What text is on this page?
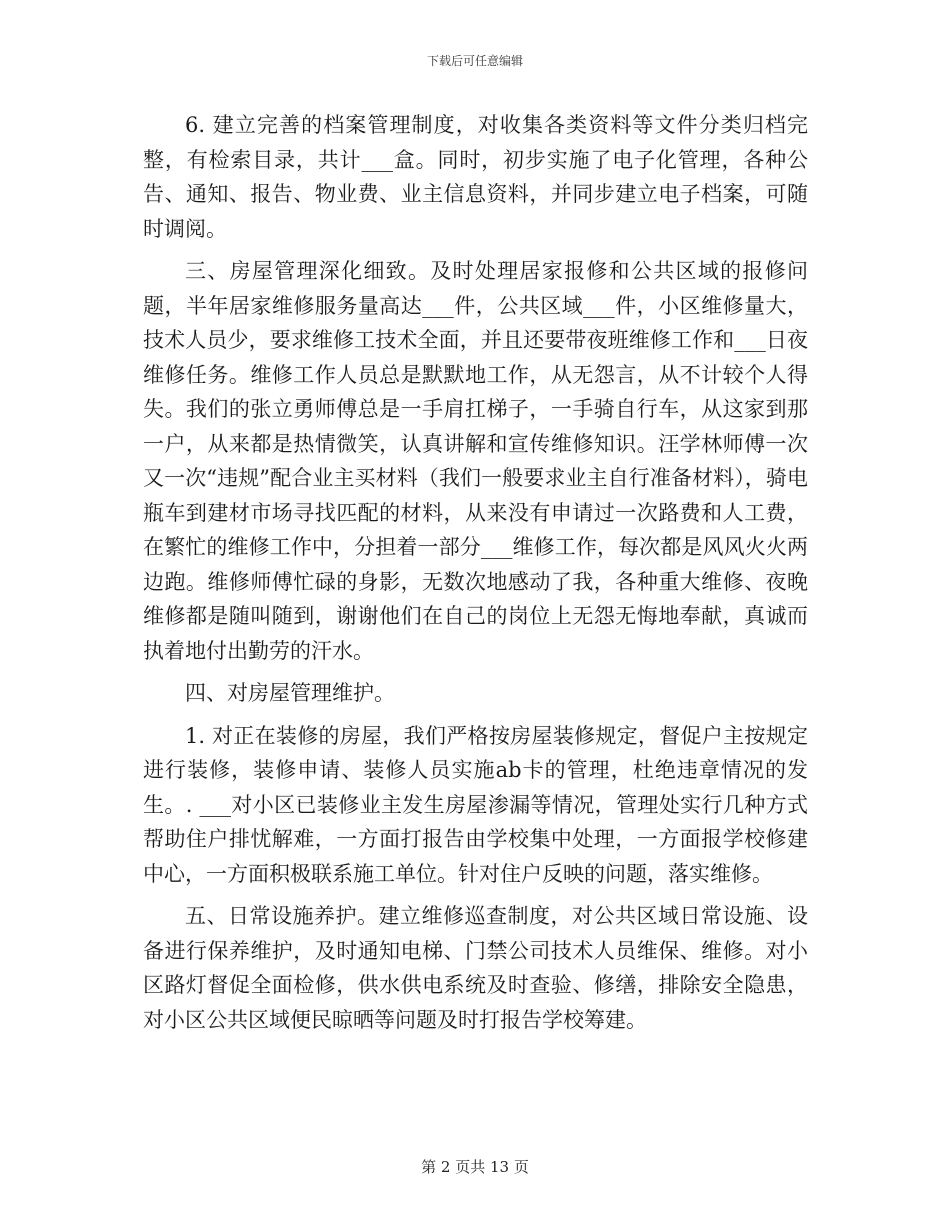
下载后可任意编辑

6. 建立完善的档案管理制度，对收集各类资料等文件分类归档完整，有检索目录，共计___盒。同时，初步实施了电子化管理，各种公告、通知、报告、物业费、业主信息资料，并同步建立电子档案，可随时调阅。

三、房屋管理深化细致。及时处理居家报修和公共区域的报修问题，半年居家维修服务量高达___件，公共区域___件，小区维修量大，技术人员少，要求维修工技术全面，并且还要带夜班维修工作和___日夜维修任务。维修工作人员总是默默地工作，从无怨言，从不计较个人得失。我们的张立勇师傅总是一手肩扛梯子，一手骑自行车，从这家到那一户，从来都是热情微笑，认真讲解和宣传维修知识。汪学林师傅一次又一次“违规”配合业主买材料（我们一般要求业主自行准备材料），骑电瓶车到建材市场寻找匹配的材料，从来没有申请过一次路费和人工费，在繁忙的维修工作中，分担着一部分___维修工作，每次都是风风火火两边跑。维修师傅忙碌的身影，无数次地感动了我，各种重大维修、夜晚维修都是随叫随到，谢谢他们在自己的岗位上无怨无悔地奉献，真诚而执着地付出勤劳的汗水。

四、对房屋管理维护。

1. 对正在装修的房屋，我们严格按房屋装修规定，督促户主按规定进行装修，装修申请、装修人员实施ab卡的管理，杜绝违章情况的发生。. ___对小区已装修业主发生房屋渗漏等情况，管理处实行几种方式帮助住户排忧解难，一方面打报告由学校集中处理，一方面报学校修建中心，一方面积极联系施工单位。针对住户反映的问题，落实维修。

五、日常设施养护。建立维修巡查制度，对公共区域日常设施、设备进行保养维护，及时通知电梯、门禁公司技术人员维保、维修。对小区路灯督促全面检修，供水供电系统及时查验、修缮，排除安全隐患，对小区公共区域便民晾晒等问题及时打报告学校筹建。

第 2 页共 13 页
